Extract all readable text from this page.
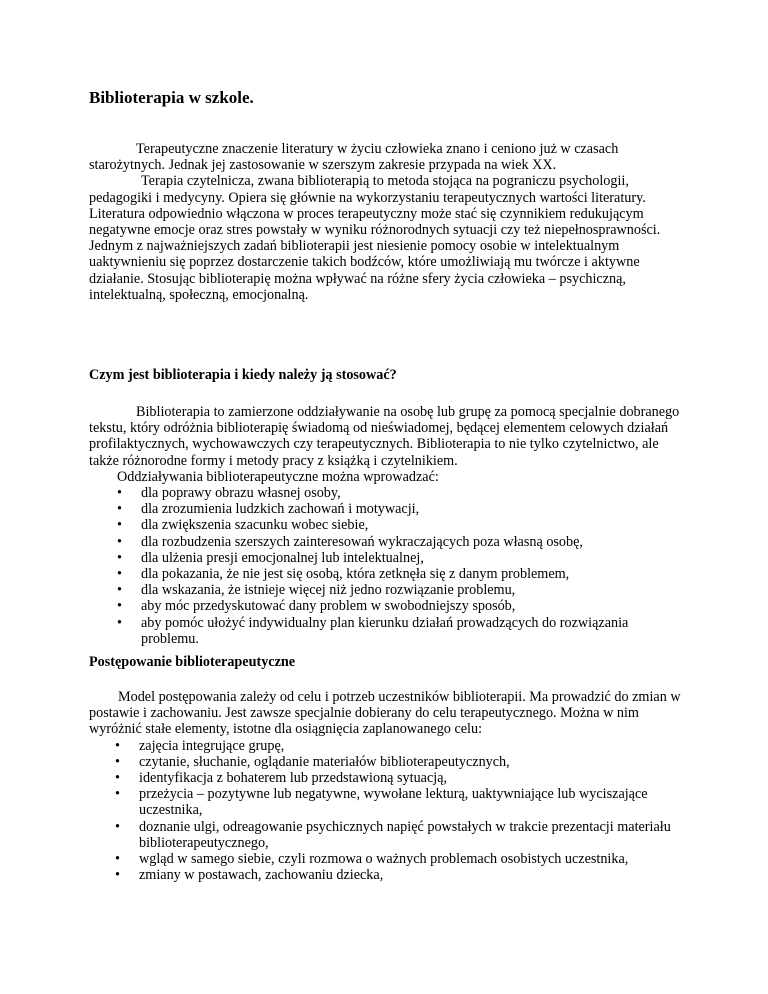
Biblioterapia w szkole.
Terapeutyczne znaczenie literatury w życiu człowieka znano i ceniono już w czasach starożytnych. Jednak jej zastosowanie w szerszym zakresie przypada na wiek XX.
Terapia czytelnicza, zwana biblioterapią to metoda stojąca na pograniczu psychologii, pedagogiki i medycyny. Opiera się głównie na wykorzystaniu terapeutycznych wartości literatury. Literatura odpowiednio włączona w proces terapeutyczny może stać się czynnikiem redukującym negatywne emocje oraz stres powstały w wyniku różnorodnych sytuacji czy też niepełnosprawności. Jednym z najważniejszych zadań biblioterapii jest niesienie pomocy osobie w intelektualnym uaktywnieniu się poprzez dostarczenie takich bodźców, które umożliwiają mu twórcze i aktywne działanie. Stosując biblioterapię można wpływać na różne sfery życia człowieka – psychiczną, intelektualną, społeczną, emocjonalną.
Czym jest biblioterapia i kiedy należy ją stosować?
Biblioterapia to zamierzone oddziaływanie na osobę lub grupę za pomocą specjalnie dobranego tekstu, który odróżnia biblioterapię świadomą od nieświadomej, będącej elementem celowych działań profilaktycznych, wychowawczych czy terapeutycznych. Biblioterapia to nie tylko czytelnictwo, ale także różnorodne formy i metody pracy z książką i czytelnikiem.
Oddziaływania biblioterapeutyczne można wprowadzać:
• dla poprawy obrazu własnej osoby,
• dla zrozumienia ludzkich zachowań i motywacji,
• dla zwiększenia szacunku wobec siebie,
• dla rozbudzenia szerszych zainteresowań wykraczających poza własną osobę,
• dla ulżenia presji emocjonalnej lub intelektualnej,
• dla pokazania, że nie jest się osobą, która zetknęła się z danym problemem,
• dla wskazania, że istnieje więcej niż jedno rozwiązanie problemu,
• aby móc przedyskutować dany problem w swobodniejszy sposób,
• aby pomóc ułożyć indywidualny plan kierunku działań prowadzących do rozwiązania problemu.
Postępowanie biblioterapeutyczne
Model postępowania zależy od celu i potrzeb uczestników biblioterapii. Ma prowadzić do zmian w postawie i zachowaniu. Jest zawsze specjalnie dobierany do celu terapeutycznego. Można w nim wyróżnić stałe elementy, istotne dla osiągnięcia zaplanowanego celu:
• zajęcia integrujące grupę,
• czytanie, słuchanie, oglądanie materiałów biblioterapeutycznych,
• identyfikacja z bohaterem lub przedstawioną sytuacją,
• przeżycia – pozytywne lub negatywne, wywołane lekturą, uaktywniające lub wyciszające uczestnika,
• doznanie ulgi, odreagowanie psychicznych napięć powstałych w trakcie prezentacji materiału biblioterapeutycznego,
• wgląd w samego siebie, czyli rozmowa o ważnych problemach osobistych uczestnika,
• zmiany w postawach, zachowaniu dziecka,
